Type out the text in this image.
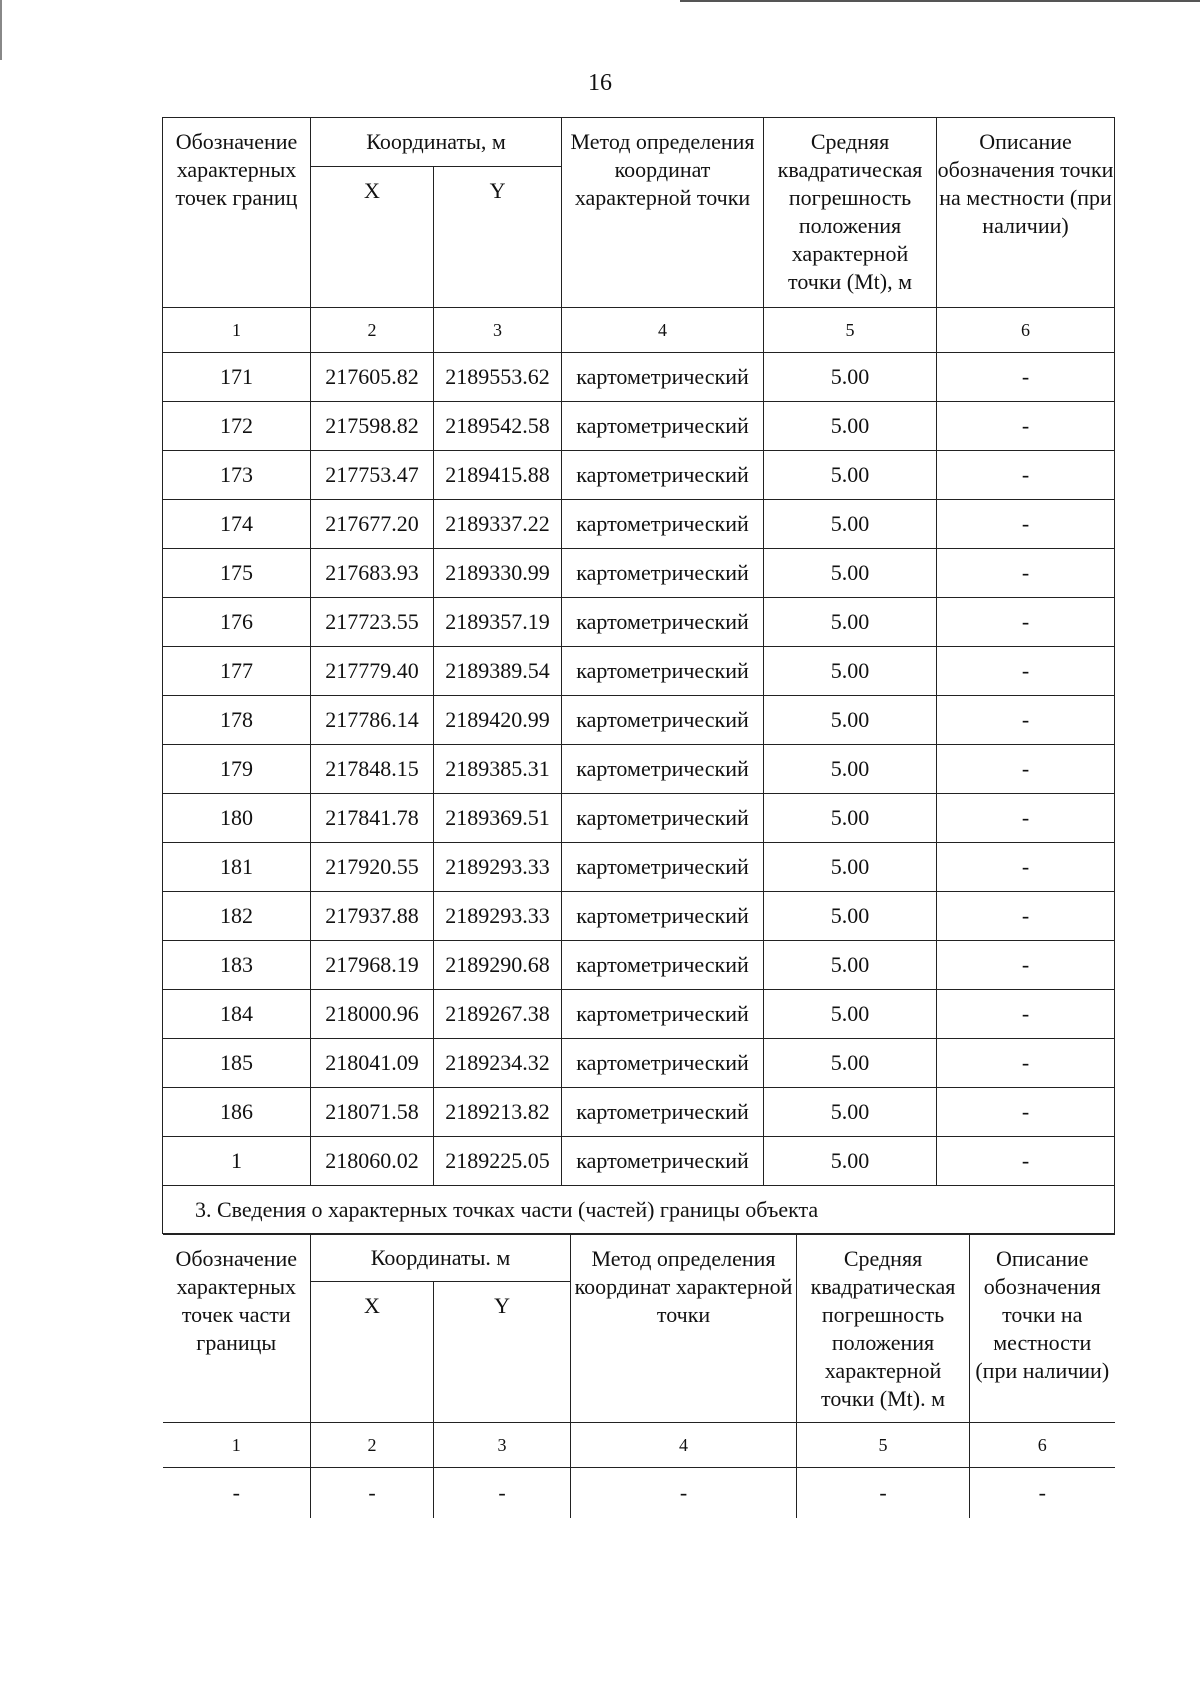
16
Обозначение характерных точек границ	Координаты, м	Метод определения координат характерной точки	Средняя квадратическая погрешность положения характерной точки (Mt), м	Описание обозначения точки на местности (при наличии)
X	Y
1	2	3	4	5	6
171	217605.82	2189553.62	картометрический	5.00	-
172	217598.82	2189542.58	картометрический	5.00	-
173	217753.47	2189415.88	картометрический	5.00	-
174	217677.20	2189337.22	картометрический	5.00	-
175	217683.93	2189330.99	картометрический	5.00	-
176	217723.55	2189357.19	картометрический	5.00	-
177	217779.40	2189389.54	картометрический	5.00	-
178	217786.14	2189420.99	картометрический	5.00	-
179	217848.15	2189385.31	картометрический	5.00	-
180	217841.78	2189369.51	картометрический	5.00	-
181	217920.55	2189293.33	картометрический	5.00	-
182	217937.88	2189293.33	картометрический	5.00	-
183	217968.19	2189290.68	картометрический	5.00	-
184	218000.96	2189267.38	картометрический	5.00	-
185	218041.09	2189234.32	картометрический	5.00	-
186	218071.58	2189213.82	картометрический	5.00	-
1	218060.02	2189225.05	картометрический	5.00	-
3. Сведения о характерных точках части (частей) границы объекта

Обозначение характерных точек части границы	Координаты. м	Метод определения координат характерной точки	Средняя квадратическая погрешность положения характерной точки (Mt). м	Описание обозначения точки на местности (при наличии)
X	Y
1	2	3	4	5	6
-	-	-	-	-	-
